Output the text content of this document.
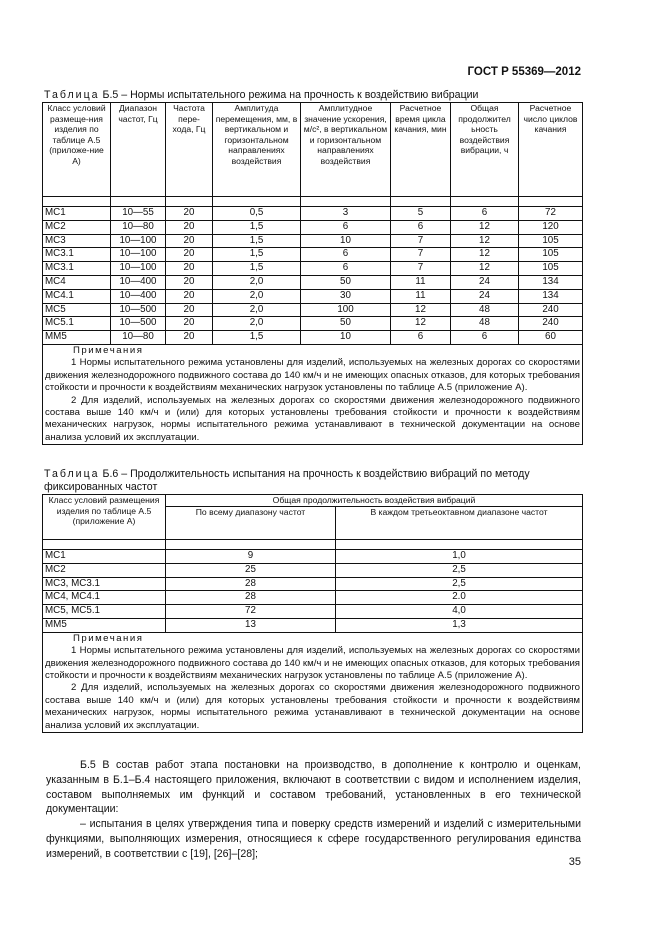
ГОСТ Р 55369—2012
Таблица Б.5 – Нормы испытательного режима на прочность к воздействию вибрации
Класс условий размеще-ния изделия по таблице А.5 (приложе-ние А)	Диапазон частот, Гц	Частота пере-хода, Гц	Амплитуда перемещения, мм, в вертикальном и горизонтальном направлениях воздействия	Амплитудное значение ускорения, м/с², в вертикальном и горизонтальном направлениях воздействия	Расчетное время цикла качания, мин	Общая продолжител ьность воздействия вибрации, ч	Расчетное число циклов качания

МС1	10—55	20	0,5	3	5	6	72
МС2	10—80	20	1,5	6	6	12	120
МС3	10—100	20	1,5	10	7	12	105
МС3.1	10—100	20	1,5	6	7	12	105
МС3.1	10—100	20	1,5	6	7	12	105
МС4	10—400	20	2,0	50	11	24	134
МС4.1	10—400	20	2,0	30	11	24	134
МС5	10—500	20	2,0	100	12	48	240
МС5.1	10—500	20	2,0	50	12	48	240
ММ5	10—80	20	1,5	10	6	6	60

Примечания
1 Нормы испытательного режима установлены для изделий, используемых на железных дорогах со скоростями движения железнодорожного подвижного состава до 140 км/ч и не имеющих опасных отказов, для которых требования стойкости и прочности к воздействиям механических нагрузок установлены по таблице А.5 (приложение А).
2 Для изделий, используемых на железных дорогах со скоростями движения железнодорожного подвижного состава выше 140 км/ч и (или) для которых установлены требования стойкости и прочности к воздействиям механических нагрузок, нормы испытательного режима устанавливают в технической документации на основе анализа условий их эксплуатации.							
Таблица Б.6 – Продолжительность испытания на прочность к воздействию вибраций по методу фиксированных частот
Класс условий размещения изделия по таблице А.5 (приложение А)	Общая продолжительность воздействия вибраций	
	По всему диапазону частот	В каждом третьеоктавном диапазоне частот

МС1	9	1,0
МС2	25	2,5
МС3, МС3.1	28	2,5
МС4, МС4.1	28	2.0
МС5, МС5.1	72	4,0
ММ5	13	1,3

Примечания
1 Нормы испытательного режима установлены для изделий, используемых на железных дорогах со скоростями движения железнодорожного подвижного состава до 140 км/ч и не имеющих опасных отказов, для которых требования стойкости и прочности к воздействиям механических нагрузок установлены по таблице А.5 (приложение А).
2 Для изделий, используемых на железных дорогах со скоростями движения железнодорожного подвижного состава выше 140 км/ч и (или) для которых установлены требования стойкости и прочности к воздействиям механических нагрузок, нормы испытательного режима устанавливают в технической документации на основе анализа условий их эксплуатации.		

Б.5 В состав работ этапа постановки на производство, в дополнение к контролю и оценкам, указанным в Б.1–Б.4 настоящего приложения, включают в соответствии с видом и исполнением изделия, составом выполняемых им функций и составом требований, установленных в его технической документации:

– испытания в целях утверждения типа и поверку средств измерений и изделий с измерительными функциями, выполняющих измерения, относящиеся к сфере государственного регулирования единства измерений, в соответствии с [19], [26]–[28];

35
